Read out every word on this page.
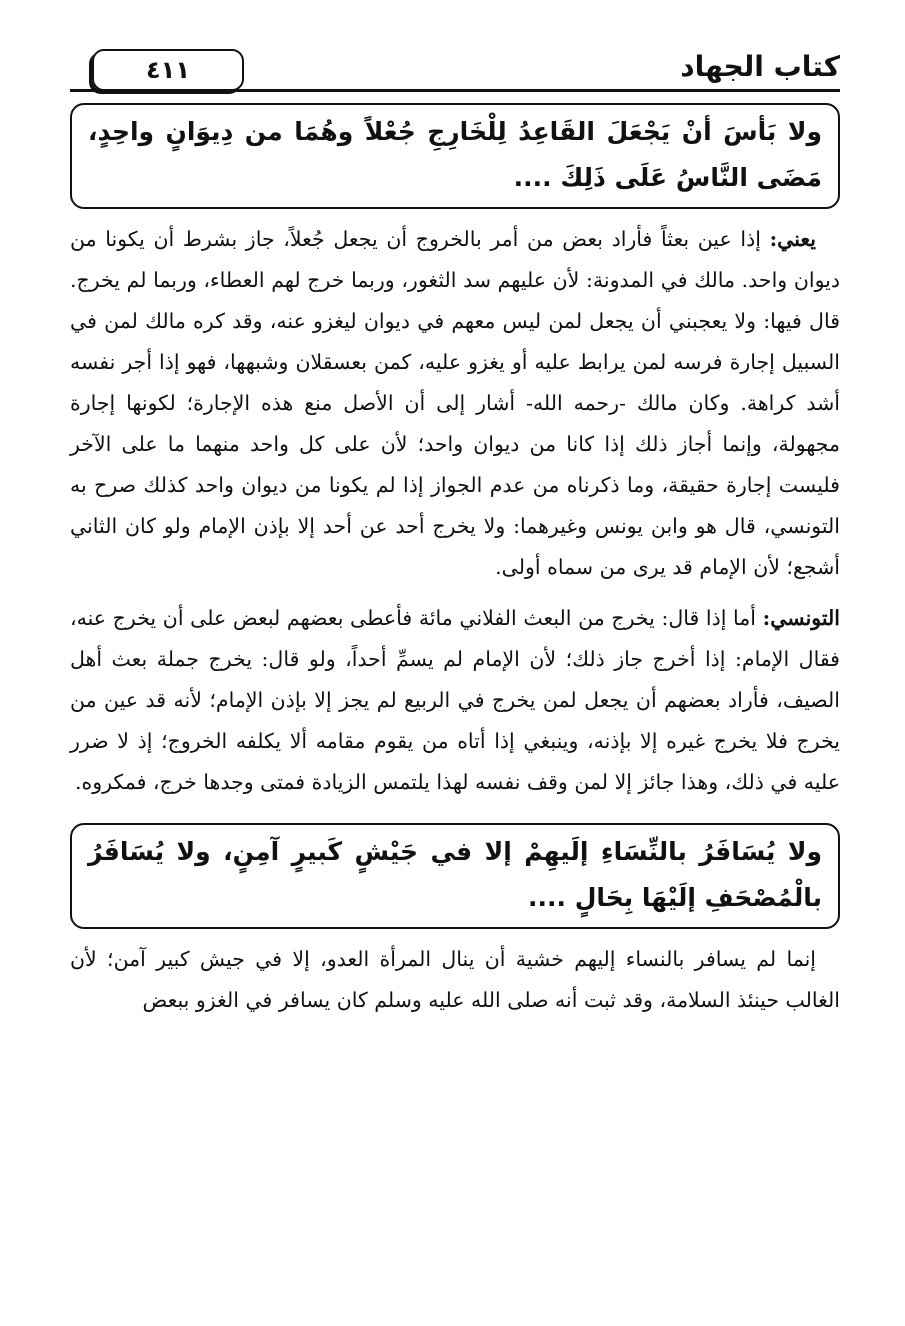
كتاب الجهاد
٤١١
ولا بَأسَ أنْ يَجْعَلَ القَاعِدُ لِلْخَارِجِ جُعْلاً وهُمَا من دِيوَانٍ واحِدٍ، مَضَى النَّاسُ عَلَى ذَلِكَ ....

يعني: إذا عين بعثاً فأراد بعض من أمر بالخروج أن يجعل جُعلاً، جاز بشرط أن يكونا من ديوان واحد. مالك في المدونة: لأن عليهم سد الثغور، وربما خرج لهم العطاء، وربما لم يخرج. قال فيها: ولا يعجبني أن يجعل لمن ليس معهم في ديوان ليغزو عنه، وقد كره مالك لمن في السبيل إجارة فرسه لمن يرابط عليه أو يغزو عليه، كمن بعسقلان وشبهها، فهو إذا أجر نفسه أشد كراهة. وكان مالك -رحمه الله- أشار إلى أن الأصل منع هذه الإجارة؛ لكونها إجارة مجهولة، وإنما أجاز ذلك إذا كانا من ديوان واحد؛ لأن على كل واحد منهما ما على الآخر فليست إجارة حقيقة، وما ذكرناه من عدم الجواز إذا لم يكونا من ديوان واحد كذلك صرح به التونسي، قال هو وابن يونس وغيرهما: ولا يخرج أحد عن أحد إلا بإذن الإمام ولو كان الثاني أشجع؛ لأن الإمام قد يرى من سماه أولى.

التونسي: أما إذا قال: يخرج من البعث الفلاني مائة فأعطى بعضهم لبعض على أن يخرج عنه، فقال الإمام: إذا أخرج جاز ذلك؛ لأن الإمام لم يسمِّ أحداً، ولو قال: يخرج جملة بعث أهل الصيف، فأراد بعضهم أن يجعل لمن يخرج في الربيع لم يجز إلا بإذن الإمام؛ لأنه قد عين من يخرج فلا يخرج غيره إلا بإذنه، وينبغي إذا أتاه من يقوم مقامه ألا يكلفه الخروج؛ إذ لا ضرر عليه في ذلك، وهذا جائز إلا لمن وقف نفسه لهذا يلتمس الزيادة فمتى وجدها خرج، فمكروه.

ولا يُسَافَرُ بالنِّسَاءِ إلَيهِمْ إلا في جَيْشٍ كَبيرٍ آمِنٍ، ولا يُسَافَرُ بالْمُصْحَفِ إلَيْهَا بِحَالٍ ....

إنما لم يسافر بالنساء إليهم خشية أن ينال المرأة العدو، إلا في جيش كبير آمن؛ لأن الغالب حينئذ السلامة، وقد ثبت أنه صلى الله عليه وسلم كان يسافر في الغزو ببعض
